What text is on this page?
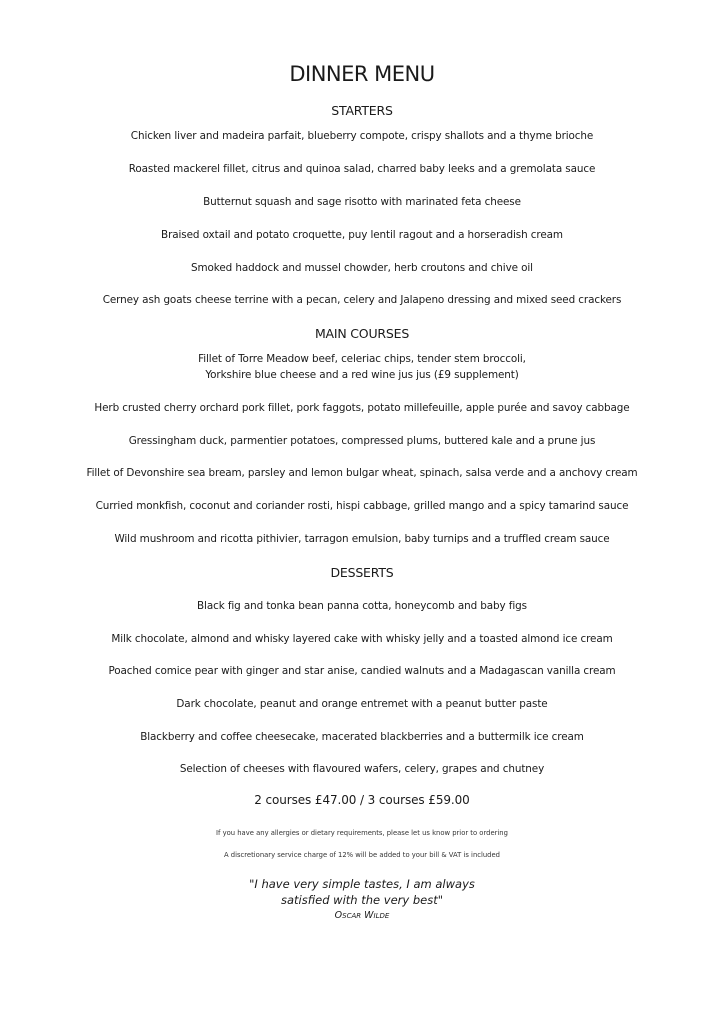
DINNER MENU
STARTERS
Chicken liver and madeira parfait, blueberry compote, crispy shallots and a thyme brioche
Roasted mackerel fillet, citrus and quinoa salad, charred baby leeks and a gremolata sauce
Butternut squash and sage risotto with marinated feta cheese
Braised oxtail and potato croquette, puy lentil ragout and a horseradish cream
Smoked haddock and mussel chowder, herb croutons and chive oil
Cerney ash goats cheese terrine with a pecan, celery and Jalapeno dressing and mixed seed crackers
MAIN COURSES
Fillet of Torre Meadow beef, celeriac chips, tender stem broccoli,
Yorkshire blue cheese and a red wine jus jus (£9 supplement)
Herb crusted cherry orchard pork fillet, pork faggots, potato millefeuille, apple purée and savoy cabbage
Gressingham duck, parmentier potatoes, compressed plums, buttered kale and a prune jus
Fillet of Devonshire sea bream, parsley and lemon bulgar wheat, spinach, salsa verde and a anchovy cream
Curried monkfish, coconut and coriander rosti, hispi cabbage, grilled mango and a spicy tamarind sauce
Wild mushroom and ricotta pithivier, tarragon emulsion, baby turnips and a truffled cream sauce
DESSERTS
Black fig and tonka bean panna cotta, honeycomb and baby figs
Milk chocolate, almond and whisky layered cake with whisky jelly and a toasted almond ice cream
Poached comice pear with ginger and star anise, candied walnuts and a Madagascan vanilla cream
Dark chocolate, peanut and orange entremet with a peanut butter paste
Blackberry and coffee cheesecake, macerated blackberries and a buttermilk ice cream
Selection of cheeses with flavoured wafers, celery, grapes and chutney
2 courses £47.00 / 3 courses £59.00
If you have any allergies or dietary requirements, please let us know prior to ordering
A discretionary service charge of 12% will be added to your bill & VAT is included
"I have very simple tastes, I am always
satisfied with the very best"
Oscar Wilde
